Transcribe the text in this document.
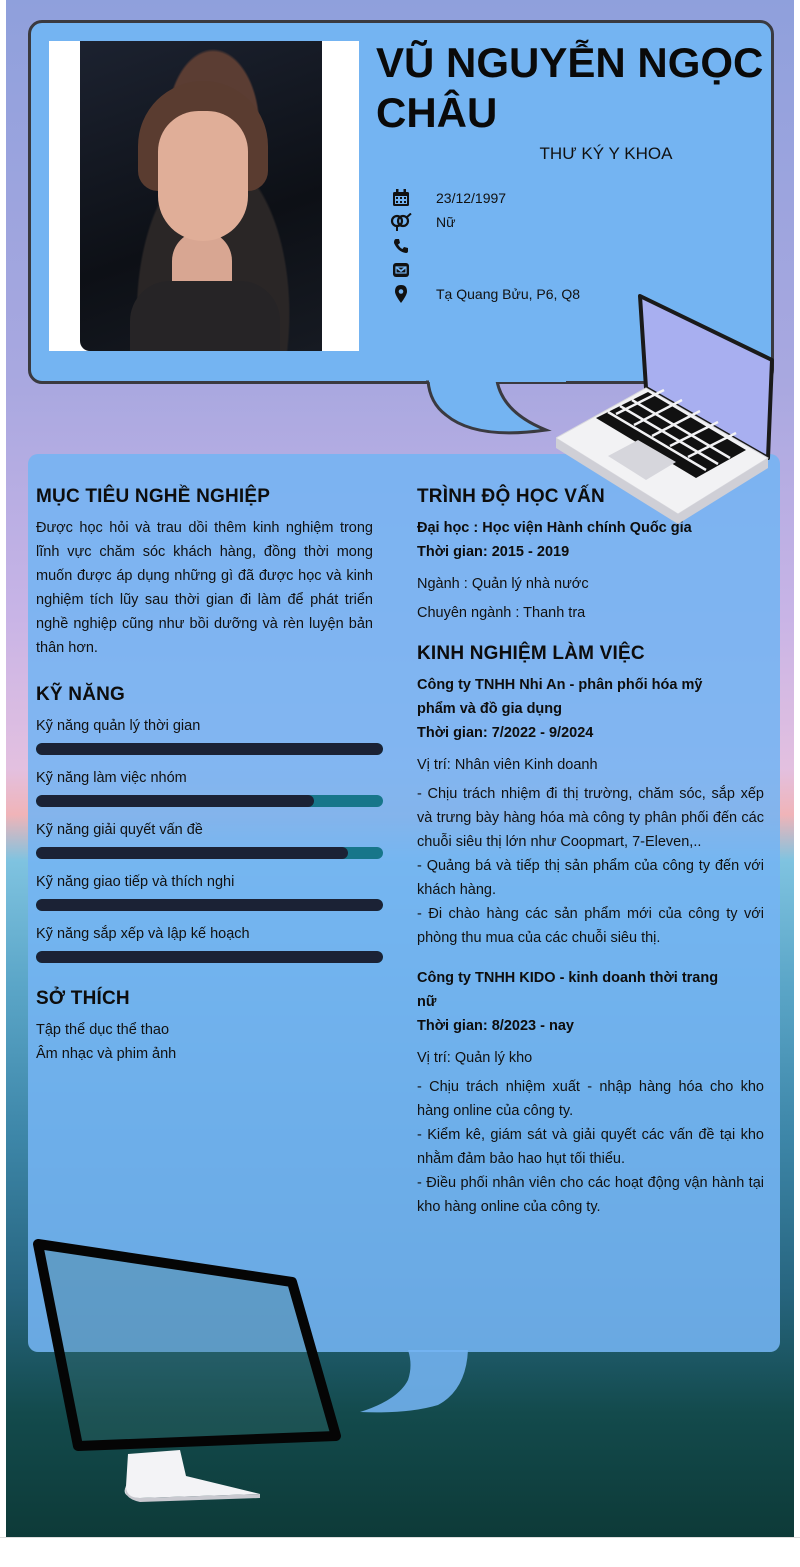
VŨ NGUYỄN NGỌC CHÂU
THƯ KÝ Y KHOA
23/12/1997
Nữ
Tạ Quang Bửu, P6, Q8
MỤC TIÊU NGHỀ NGHIỆP
Được học hỏi và trau dồi thêm kinh nghiệm trong lĩnh vực chăm sóc khách hàng, đồng thời mong muốn được áp dụng những gì đã được học và kinh nghiệm tích lũy sau thời gian đi làm để phát triển nghề nghiệp cũng như bồi dưỡng và rèn luyện bản thân hơn.
KỸ NĂNG
Kỹ năng quản lý thời gian
Kỹ năng làm việc nhóm
Kỹ năng giải quyết vấn đề
Kỹ năng giao tiếp và thích nghi
Kỹ năng sắp xếp và lập kế hoạch
SỞ THÍCH
Tập thể dục thể thao
Âm nhạc và phim ảnh
TRÌNH ĐỘ HỌC VẤN
Đại học : Học viện Hành chính Quốc gia
Thời gian: 2015 - 2019
Ngành : Quản lý nhà nước
Chuyên ngành : Thanh tra
KINH NGHIỆM LÀM VIỆC
Công ty TNHH Nhi An - phân phối hóa mỹ phẩm và đồ gia dụng
Thời gian: 7/2022 - 9/2024
Vị trí: Nhân viên Kinh doanh
- Chịu trách nhiệm đi thị trường, chăm sóc, sắp xếp và trưng bày hàng hóa mà công ty phân phối đến các chuỗi siêu thị lớn như Coopmart, 7-Eleven,..
- Quảng bá và tiếp thị sản phẩm của công ty đến với khách hàng.
- Đi chào hàng các sản phẩm mới của công ty với phòng thu mua của các chuỗi siêu thị.
Công ty TNHH KIDO - kinh doanh thời trang nữ
Thời gian: 8/2023 - nay
Vị trí: Quản lý kho
- Chịu trách nhiệm xuất - nhập hàng hóa cho kho hàng online của công ty.
- Kiểm kê, giám sát và giải quyết các vấn đề tại kho nhằm đảm bảo hao hụt tối thiểu.
- Điều phối nhân viên cho các hoạt động vận hành tại kho hàng online của công ty.
